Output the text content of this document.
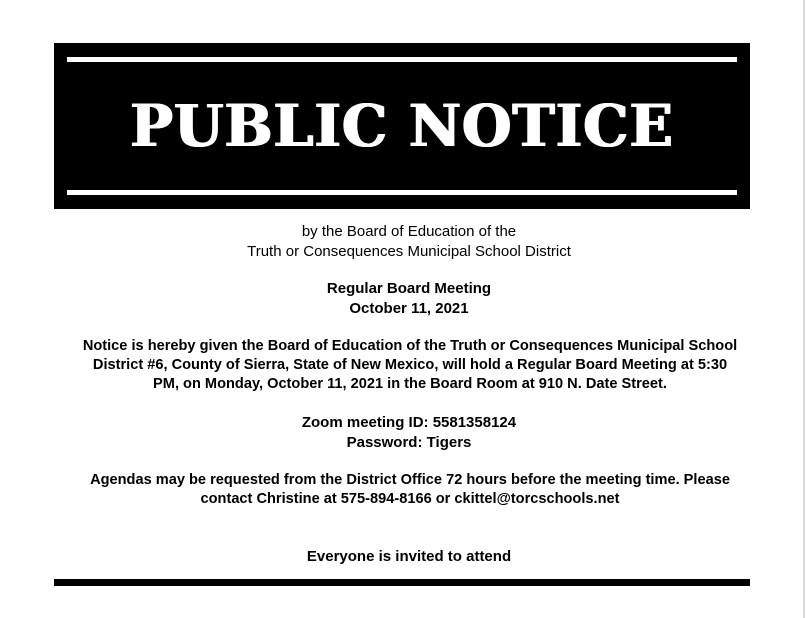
PUBLIC NOTICE
by the Board of Education of the
Truth or Consequences Municipal School District
Regular Board Meeting
October 11, 2021
Notice is hereby given the Board of Education of the Truth or Consequences Municipal School
District #6, County of Sierra, State of New Mexico, will hold a Regular Board Meeting at 5:30
PM, on Monday, October 11, 2021 in the Board Room at 910 N. Date Street.
Zoom meeting ID: 5581358124
Password: Tigers
Agendas may be requested from the District Office 72 hours before the meeting time. Please
contact Christine at 575-894-8166 or ckittel@torcschools.net
Everyone is invited to attend
